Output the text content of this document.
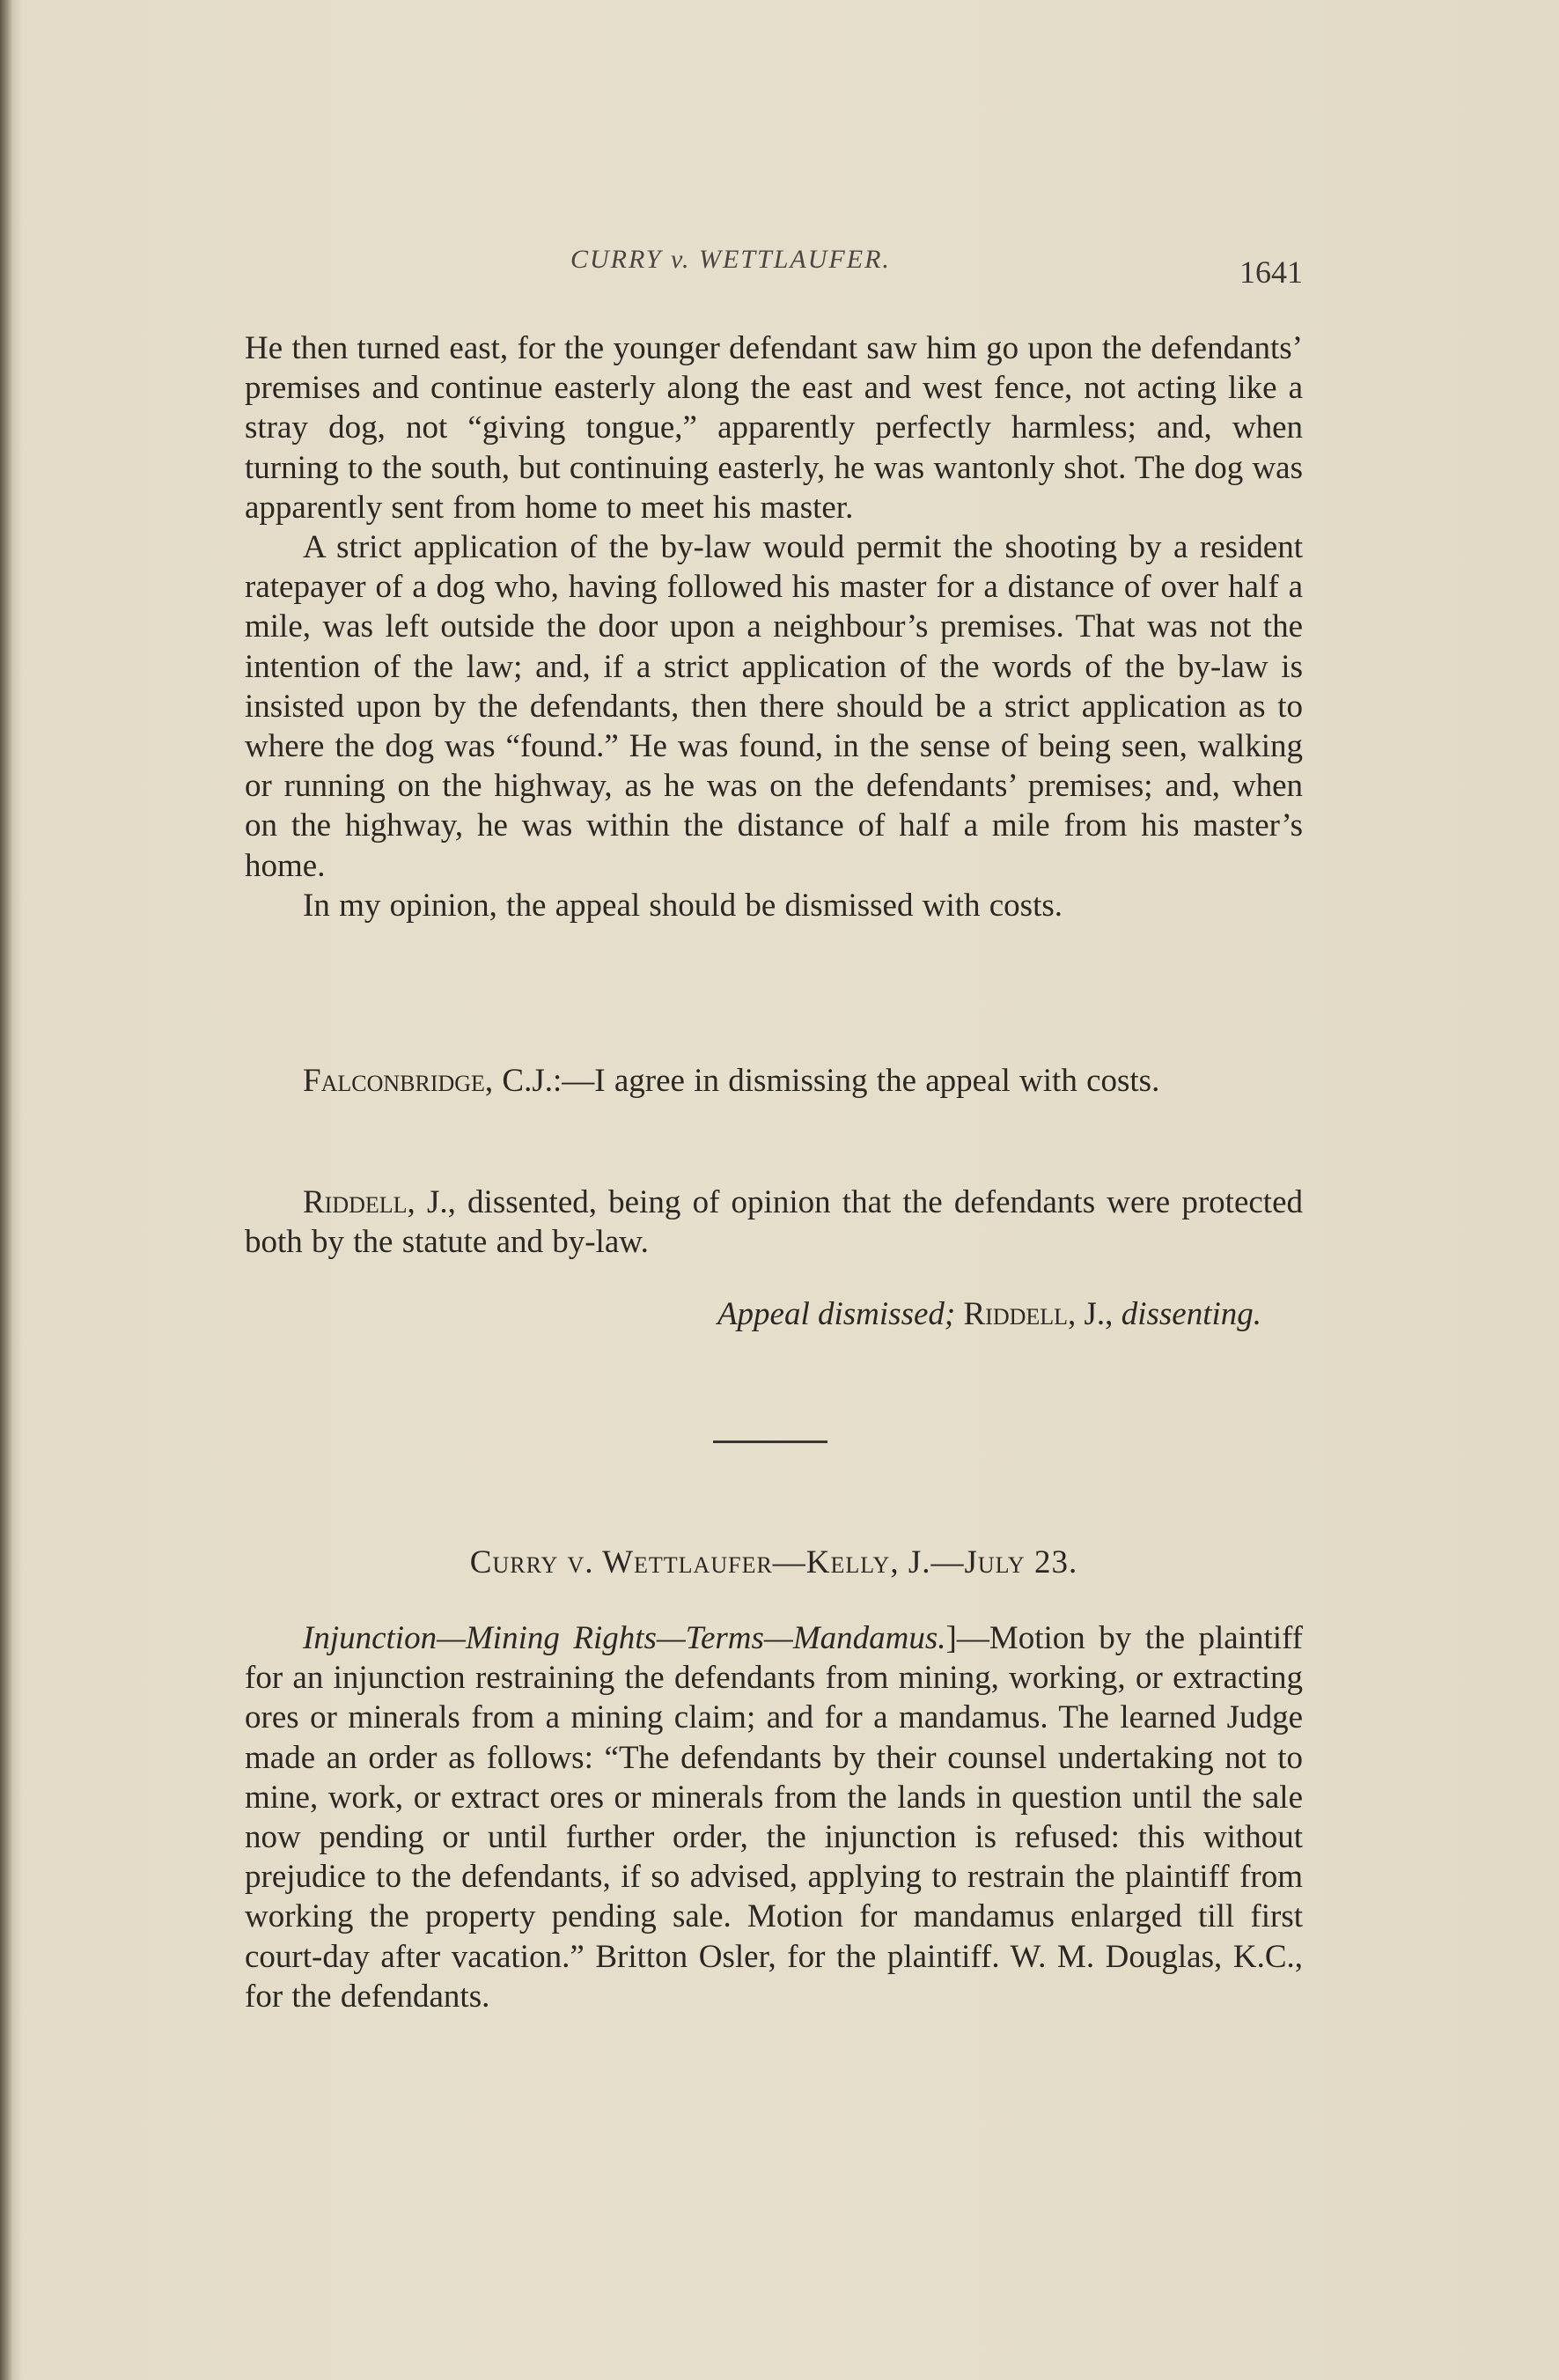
CURRY v. WETTLAUFER.	1641

He then turned east, for the younger defendant saw him go upon the defendants’ premises and continue easterly along the east and west fence, not acting like a stray dog, not “giving tongue,” apparently perfectly harmless; and, when turning to the south, but continuing easterly, he was wantonly shot. The dog was apparently sent from home to meet his master.

A strict application of the by-law would permit the shooting by a resident ratepayer of a dog who, having followed his master for a distance of over half a mile, was left outside the door upon a neighbour’s premises. That was not the intention of the law; and, if a strict application of the words of the by-law is insisted upon by the defendants, then there should be a strict application as to where the dog was “found.” He was found, in the sense of being seen, walking or running on the highway, as he was on the defendants’ premises; and, when on the highway, he was within the distance of half a mile from his master’s home.

In my opinion, the appeal should be dismissed with costs.

Falconbridge, C.J.:—I agree in dismissing the appeal with costs.

Riddell, J., dissented, being of opinion that the defendants were protected both by the statute and by-law.

Appeal dismissed; Riddell, J., dissenting.
Curry v. Wettlaufer—Kelly, J.—July 23.

Injunction—Mining Rights—Terms—Mandamus.]—Motion by the plaintiff for an injunction restraining the defendants from mining, working, or extracting ores or minerals from a mining claim; and for a mandamus. The learned Judge made an order as follows: “The defendants by their counsel undertaking not to mine, work, or extract ores or minerals from the lands in question until the sale now pending or until further order, the injunction is refused: this without prejudice to the defendants, if so advised, applying to restrain the plaintiff from working the property pending sale. Motion for mandamus enlarged till first court-day after vacation.” Britton Osler, for the plaintiff. W. M. Douglas, K.C., for the defendants.
